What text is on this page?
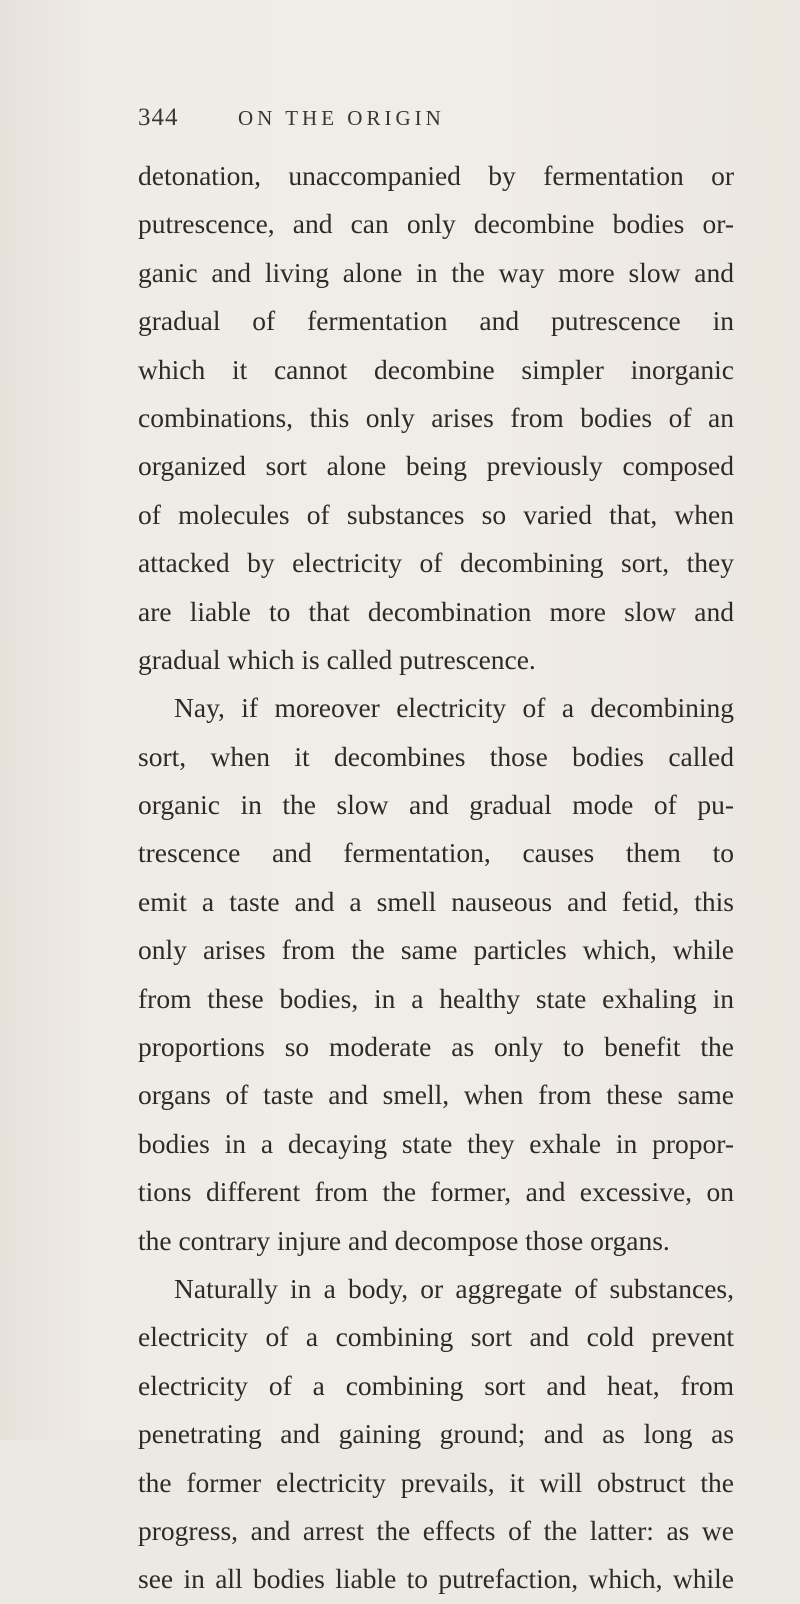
344	ON THE ORIGIN
detonation, unaccompanied by fermentation or
putrescence, and can only decombine bodies or-
ganic and living alone in the way more slow and
gradual of fermentation and putrescence in
which it cannot decombine simpler inorganic
combinations, this only arises from bodies of an
organized sort alone being previously composed
of molecules of substances so varied that, when
attacked by electricity of decombining sort, they
are liable to that decombination more slow and
gradual which is called putrescence.
Nay, if moreover electricity of a decombining
sort, when it decombines those bodies called
organic in the slow and gradual mode of pu-
trescence and fermentation, causes them to
emit a taste and a smell nauseous and fetid, this
only arises from the same particles which, while
from these bodies, in a healthy state exhaling in
proportions so moderate as only to benefit the
organs of taste and smell, when from these same
bodies in a decaying state they exhale in propor-
tions different from the former, and excessive, on
the contrary injure and decompose those organs.
Naturally in a body, or aggregate of substances,
electricity of a combining sort and cold prevent
electricity of a combining sort and heat, from
penetrating and gaining ground; and as long as
the former electricity prevails, it will obstruct the
progress, and arrest the effects of the latter: as we
see in all bodies liable to putrefaction, which, while
